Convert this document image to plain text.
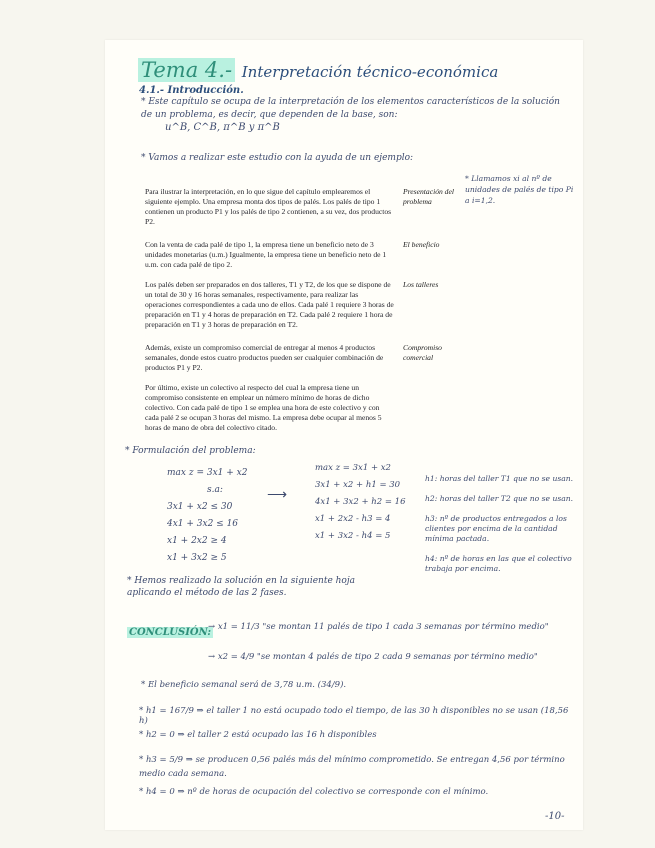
Tema 4.- Interpretación técnico-económica
4.1.- Introducción.
* Este capítulo se ocupa de la interpretación de los elementos característicos de la solución de un problema, es decir, que dependen de la base, son:
u^B, C^B, π^B y π^B
* Vamos a realizar este estudio con la ayuda de un ejemplo:
* Llamamos xi al nº de unidades de palés de tipo Pi a i=1,2.
Para ilustrar la interpretación, en lo que sigue del capítulo emplearemos el siguiente ejemplo. Una empresa monta dos tipos de palés. Los palés de tipo 1 contienen un producto P1 y los palés de tipo 2 contienen, a su vez, dos productos P2.
Presentación del problema
Con la venta de cada palé de tipo 1, la empresa tiene un beneficio neto de 3 unidades monetarias (u.m.) Igualmente, la empresa tiene un beneficio neto de 1 u.m. con cada palé de tipo 2.
El beneficio
Los palés deben ser preparados en dos talleres, T1 y T2, de los que se dispone de un total de 30 y 16 horas semanales, respectivamente, para realizar las operaciones correspondientes a cada uno de ellos. Cada palé 1 requiere 3 horas de preparación en T1 y 4 horas de preparación en T2. Cada palé 2 requiere 1 hora de preparación en T1 y 3 horas de preparación en T2.
Los talleres
Además, existe un compromiso comercial de entregar al menos 4 productos semanales, donde estos cuatro productos pueden ser cualquier combinación de productos P1 y P2.
Compromiso comercial
Por último, existe un colectivo al respecto del cual la empresa tiene un compromiso consistente en emplear un número mínimo de horas de dicho colectivo. Con cada palé de tipo 1 se emplea una hora de este colectivo y con cada palé 2 se ocupan 3 horas del mismo. La empresa debe ocupar al menos 5 horas de mano de obra del colectivo citado.
* Formulación del problema:
max z = 3x1 + x2
s.a:
3x1 + x2 ≤ 30
4x1 + 3x2 ≤ 16
x1 + 2x2 ≥ 4
x1 + 3x2 ≥ 5
⟶
max z = 3x1 + x2
3x1 + x2 + h1 = 30
4x1 + 3x2 + h2 = 16
x1 + 2x2 - h3 = 4
x1 + 3x2 - h4 = 5
h1: horas del taller T1 que no se usan.
h2: horas del taller T2 que no se usan.
h3: nº de productos entregados a los clientes por encima de la cantidad mínima pactada.
h4: nº de horas en las que el colectivo trabaja por encima.
* Hemos realizado la solución en la siguiente hoja aplicando el método de las 2 fases.
CONCLUSIÓN:
→ x1 = 11/3 "se montan 11 palés de tipo 1 cada 3 semanas por término medio"
→ x2 = 4/9 "se montan 4 palés de tipo 2 cada 9 semanas por término medio"
* El beneficio semanal será de 3,78 u.m. (34/9).
* h1 = 167/9 ⇒ el taller 1 no está ocupado todo el tiempo, de las 30 h disponibles no se usan (18,56 h)
* h2 = 0 ⇒ el taller 2 está ocupado las 16 h disponibles
* h3 = 5/9 ⇒ se producen 0,56 palés más del mínimo comprometido. Se entregan 4,56 por término medio cada semana.
* h4 = 0 ⇒ nº de horas de ocupación del colectivo se corresponde con el mínimo.
-10-
